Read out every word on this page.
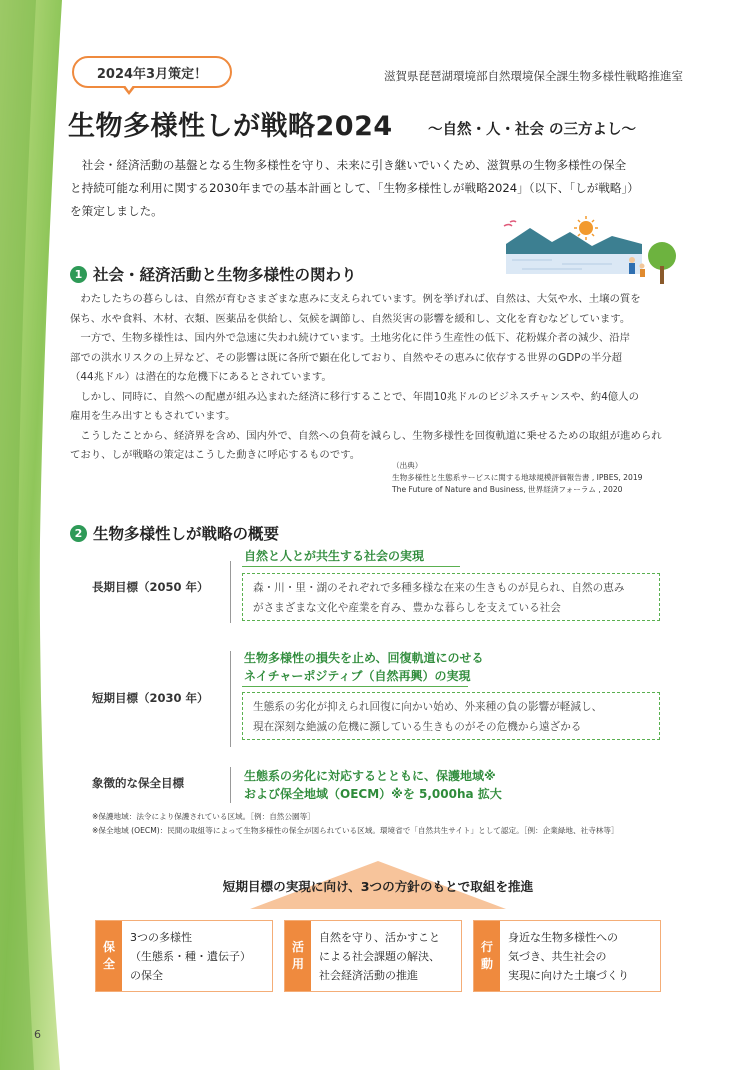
2024年3月策定！	滋賀県琵琶湖環境部自然環境保全課生物多様性戦略推進室
生物多様性しが戦略2024 ～自然・人・社会 の三方よし～
社会・経済活動の基盤となる生物多様性を守り、未来に引き継いでいくため、滋賀県の生物多様性の保全
と持続可能な利用に関する2030年までの基本計画として、「生物多様性しが戦略2024」（以下、「しが戦略」）
を策定しました。
1 社会・経済活動と生物多様性の関わり
わたしたちの暮らしは、自然が育むさまざまな恵みに支えられています。例を挙げれば、自然は、大気や水、土壌の質を
保ち、水や食料、木材、衣類、医薬品を供給し、気候を調節し、自然災害の影響を緩和し、文化を育むなどしています。
一方で、生物多様性は、国内外で急速に失われ続けています。土地劣化に伴う生産性の低下、花粉媒介者の減少、沿岸
部での洪水リスクの上昇など、その影響は既に各所で顕在化しており、自然やその恵みに依存する世界のGDPの半分超
（44兆ドル）は潜在的な危機下にあるとされています。
しかし、同時に、自然への配慮が組み込まれた経済に移行することで、年間10兆ドルのビジネスチャンスや、約4億人の
雇用を生み出すともされています。
こうしたことから、経済界を含め、国内外で、自然への負荷を減らし、生物多様性を回復軌道に乗せるための取組が進められ
ており、しが戦略の策定はこうした動きに呼応するものです。
（出典）
生物多様性と生態系サービスに関する地球規模評価報告書 , IPBES, 2019
The Future of Nature and Business, 世界経済フォーラム , 2020
2 生物多様性しが戦略の概要
長期目標（2050 年）
自然と人とが共生する社会の実現
森・川・里・湖のそれぞれで多種多様な在来の生きものが見られ、自然の恵み
がさまざまな文化や産業を育み、豊かな暮らしを支えている社会
短期目標（2030 年）
生物多様性の損失を止め、回復軌道にのせる
ネイチャーポジティブ（自然再興）の実現
生態系の劣化が抑えられ回復に向かい始め、外来種の負の影響が軽減し、
現在深刻な絶滅の危機に瀕している生きものがその危機から遠ざかる
象徴的な保全目標	生態系の劣化に対応するとともに、保護地域※
および保全地域（OECM）※を 5,000ha 拡大
※保護地域：法令により保護されている区域。［例：自然公園等］
※保全地域 (OECM)：民間の取組等によって生物多様性の保全が図られている区域。環境省で「自然共生サイト」として認定。［例：企業緑地、社寺林等］
短期目標の実現に向け、3つの方針のもとで取組を推進
保
全
3つの多様性
（生態系・種・遺伝子）
の保全
活
用
自然を守り、活かすこと
による社会課題の解決、
社会経済活動の推進
行
動
身近な生物多様性への
気づき、共生社会の
実現に向けた土壌づくり
6
